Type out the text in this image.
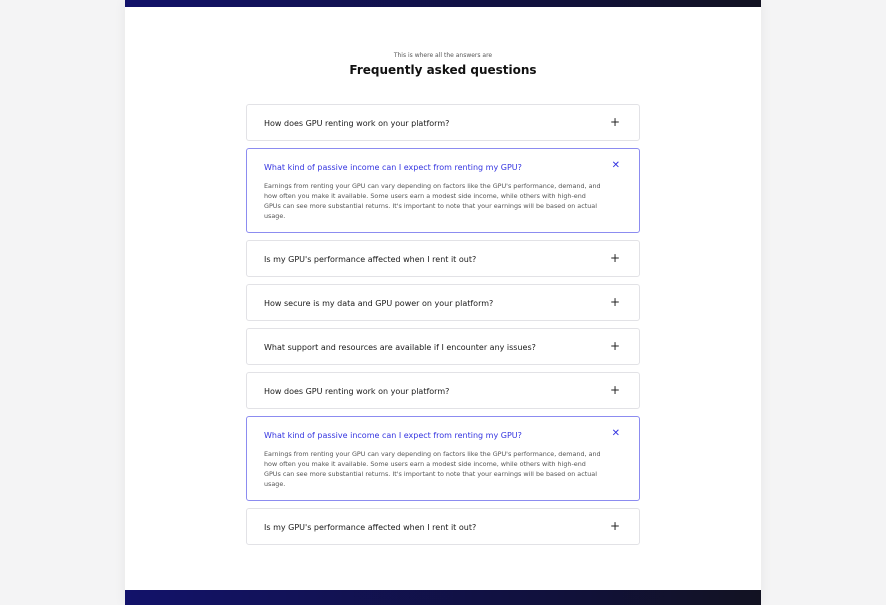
This is where all the answers are
Frequently asked questions
How does GPU renting work on your platform?	+
What kind of passive income can I expect from renting my GPU?	✕
Earnings from renting your GPU can vary depending on factors like the GPU's performance, demand, and how often you make it available. Some users earn a modest side income, while others with high-end GPUs can see more substantial returns. It's important to note that your earnings will be based on actual usage.
Is my GPU's performance affected when I rent it out?	+
How secure is my data and GPU power on your platform?	+
What support and resources are available if I encounter any issues?	+
How does GPU renting work on your platform?	+
What kind of passive income can I expect from renting my GPU?	✕
Earnings from renting your GPU can vary depending on factors like the GPU's performance, demand, and how often you make it available. Some users earn a modest side income, while others with high-end GPUs can see more substantial returns. It's important to note that your earnings will be based on actual usage.
Is my GPU's performance affected when I rent it out?	+
